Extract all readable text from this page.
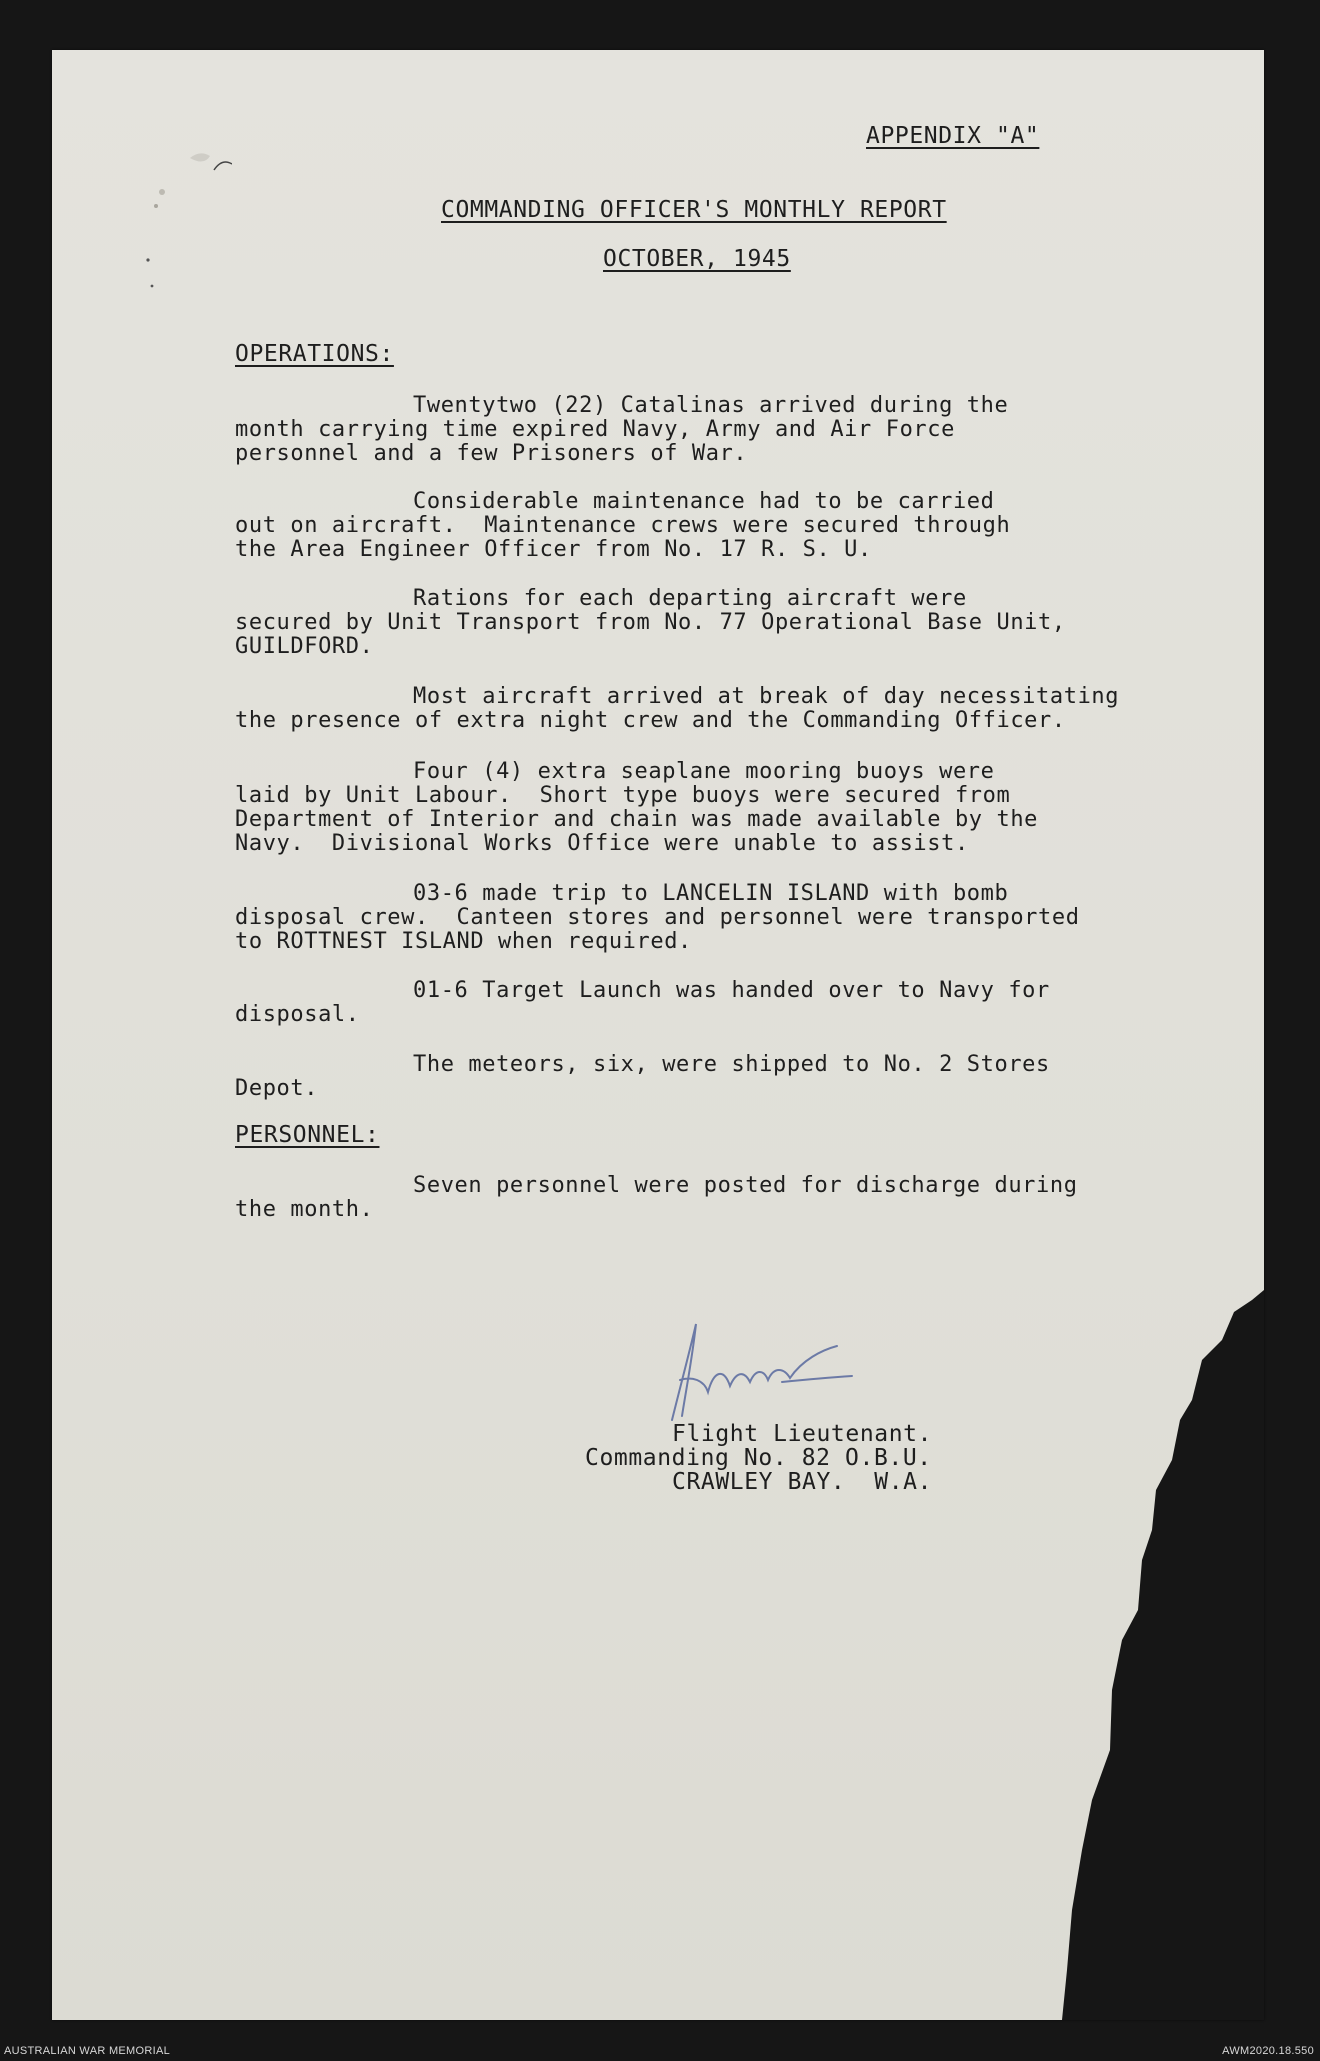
APPENDIX "A"
COMMANDING OFFICER'S MONTHLY REPORT
OCTOBER, 1945
OPERATIONS:
Twentytwo (22) Catalinas arrived during the
month carrying time expired Navy, Army and Air Force
personnel and a few Prisoners of War.
Considerable maintenance had to be carried
out on aircraft.  Maintenance crews were secured through
the Area Engineer Officer from No. 17 R. S. U.
Rations for each departing aircraft were
secured by Unit Transport from No. 77 Operational Base Unit,
GUILDFORD.
Most aircraft arrived at break of day necessitating
the presence of extra night crew and the Commanding Officer.
Four (4) extra seaplane mooring buoys were
laid by Unit Labour.  Short type buoys were secured from
Department of Interior and chain was made available by the
Navy.  Divisional Works Office were unable to assist.
03-6 made trip to LANCELIN ISLAND with bomb
disposal crew.  Canteen stores and personnel were transported
to ROTTNEST ISLAND when required.
01-6 Target Launch was handed over to Navy for
disposal.
The meteors, six, were shipped to No. 2 Stores
Depot.
PERSONNEL:
Seven personnel were posted for discharge during
the month.
Flight Lieutenant.
Commanding No. 82 O.B.U.
CRAWLEY BAY.  W.A.
AUSTRALIAN WAR MEMORIAL	AWM2020.18.550
